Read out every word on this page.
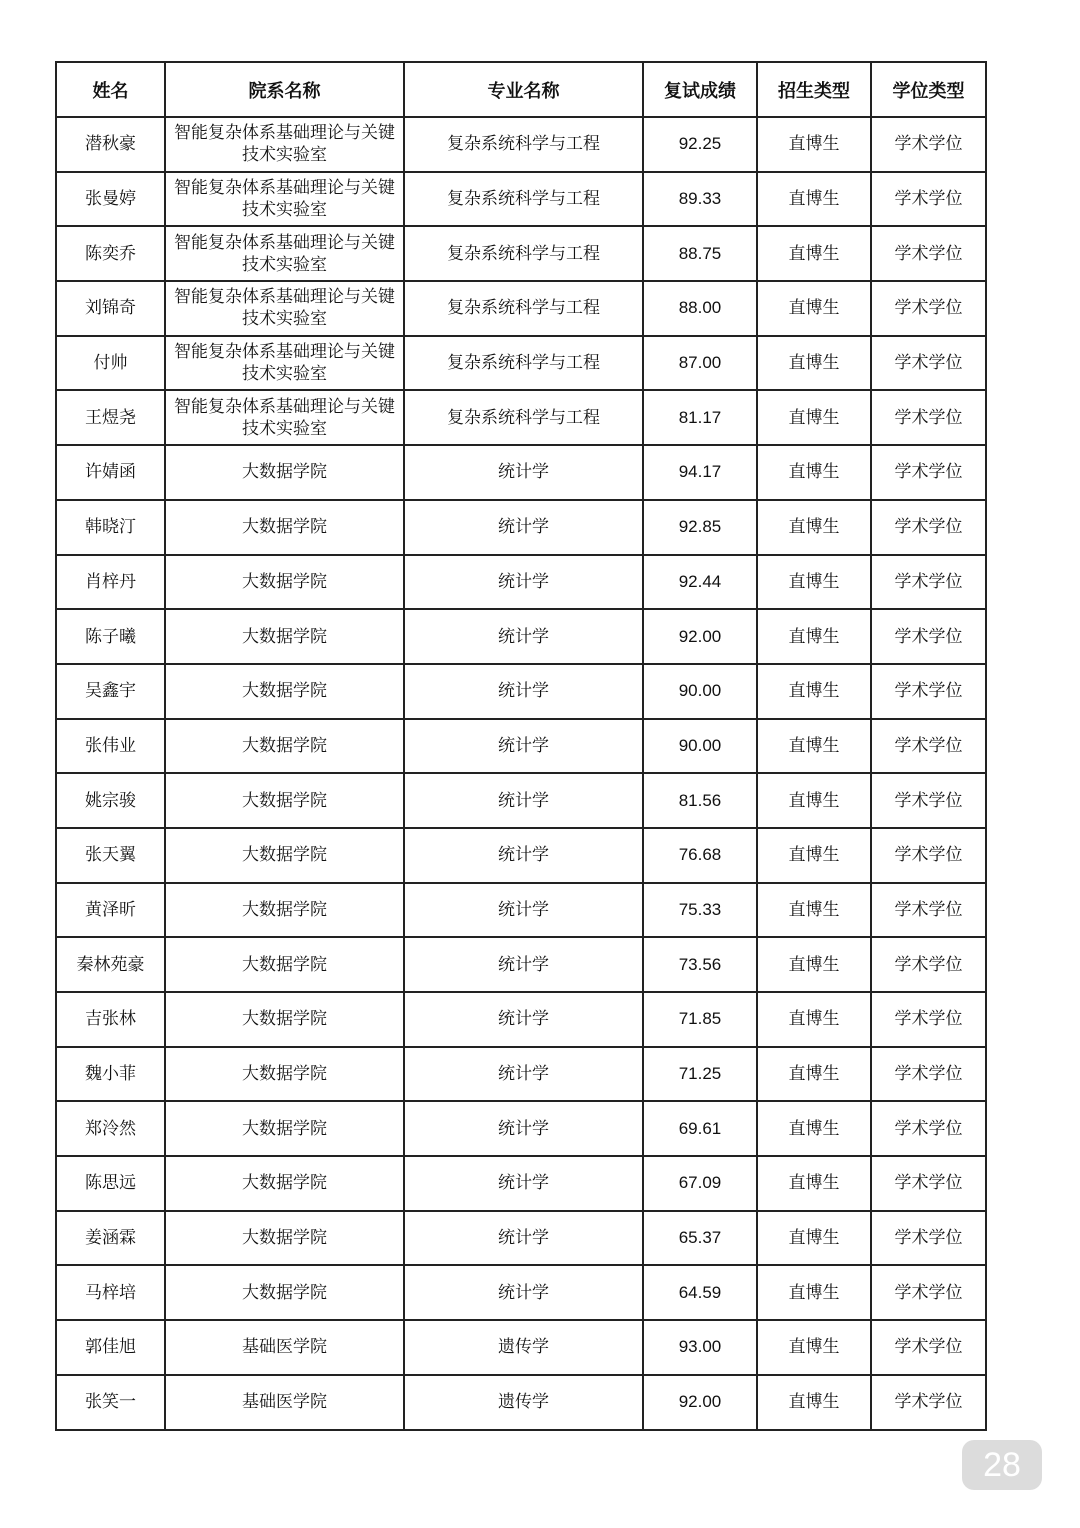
姓名	院系名称	专业名称	复试成绩	招生类型	学位类型
潜秋豪	智能复杂体系基础理论与关键技术实验室	复杂系统科学与工程	92.25	直博生	学术学位
张曼婷	智能复杂体系基础理论与关键技术实验室	复杂系统科学与工程	89.33	直博生	学术学位
陈奕乔	智能复杂体系基础理论与关键技术实验室	复杂系统科学与工程	88.75	直博生	学术学位
刘锦奇	智能复杂体系基础理论与关键技术实验室	复杂系统科学与工程	88.00	直博生	学术学位
付帅	智能复杂体系基础理论与关键技术实验室	复杂系统科学与工程	87.00	直博生	学术学位
王煜尧	智能复杂体系基础理论与关键技术实验室	复杂系统科学与工程	81.17	直博生	学术学位
许婧函	大数据学院	统计学	94.17	直博生	学术学位
韩晓汀	大数据学院	统计学	92.85	直博生	学术学位
肖梓丹	大数据学院	统计学	92.44	直博生	学术学位
陈子曦	大数据学院	统计学	92.00	直博生	学术学位
吴鑫宇	大数据学院	统计学	90.00	直博生	学术学位
张伟业	大数据学院	统计学	90.00	直博生	学术学位
姚宗骏	大数据学院	统计学	81.56	直博生	学术学位
张天翼	大数据学院	统计学	76.68	直博生	学术学位
黄泽昕	大数据学院	统计学	75.33	直博生	学术学位
秦林苑豪	大数据学院	统计学	73.56	直博生	学术学位
吉张林	大数据学院	统计学	71.85	直博生	学术学位
魏小菲	大数据学院	统计学	71.25	直博生	学术学位
郑泠然	大数据学院	统计学	69.61	直博生	学术学位
陈思远	大数据学院	统计学	67.09	直博生	学术学位
姜涵霖	大数据学院	统计学	65.37	直博生	学术学位
马梓培	大数据学院	统计学	64.59	直博生	学术学位
郭佳旭	基础医学院	遗传学	93.00	直博生	学术学位
张笑一	基础医学院	遗传学	92.00	直博生	学术学位
28
